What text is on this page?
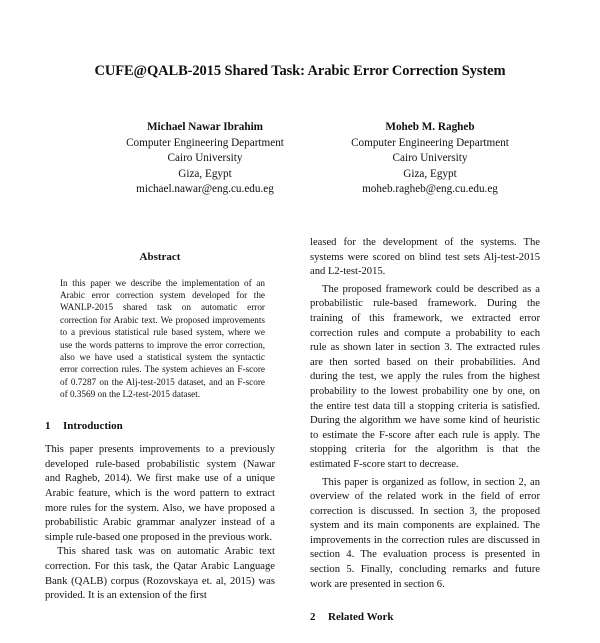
CUFE@QALB-2015 Shared Task: Arabic Error Correction System
Michael Nawar Ibrahim
Computer Engineering Department
Cairo University
Giza, Egypt
michael.nawar@eng.cu.edu.eg
Moheb M. Ragheb
Computer Engineering Department
Cairo University
Giza, Egypt
moheb.ragheb@eng.cu.edu.eg
Abstract

In this paper we describe the implementation of an Arabic error correction system developed for the WANLP-2015 shared task on automatic error correction for Arabic text. We proposed improvements to a previous statistical rule based system, where we use the words patterns to improve the error correction, also we have used a statistical system the syntactic error correction rules. The system achieves an F-score of 0.7287 on the Alj-test-2015 dataset, and an F-score of 0.3569 on the L2-test-2015 dataset.

1 Introduction

This paper presents improvements to a previously developed rule-based probabilistic system (Nawar and Ragheb, 2014). We first make use of a unique Arabic feature, which is the word pattern to extract more rules for the system. Also, we have proposed a probabilistic Arabic grammar analyzer instead of a simple rule-based one proposed in the previous work.

This shared task was on automatic Arabic text correction. For this task, the Qatar Arabic Language Bank (QALB) corpus (Rozovskaya et. al, 2015) was provided. It is an extension of the first

leased for the development of the systems. The systems were scored on blind test sets Alj-test-2015 and L2-test-2015.

The proposed framework could be described as a probabilistic rule-based framework. During the training of this framework, we extracted error correction rules and compute a probability to each rule as shown later in section 3. The extracted rules are then sorted based on their probabilities. And during the test, we apply the rules from the highest probability to the lowest probability one by one, on the entire test data till a stopping criteria is satisfied. During the algorithm we have some kind of heuristic to estimate the F-score after each rule is apply. The stopping criteria for the algorithm is that the estimated F-score start to decrease.

This paper is organized as follow, in section 2, an overview of the related work in the field of error correction is discussed. In section 3, the proposed system and its main components are explained. The improvements in the correction rules are discussed in section 4. The evaluation process is presented in section 5. Finally, concluding remarks and future work are presented in section 6.

2 Related Work
